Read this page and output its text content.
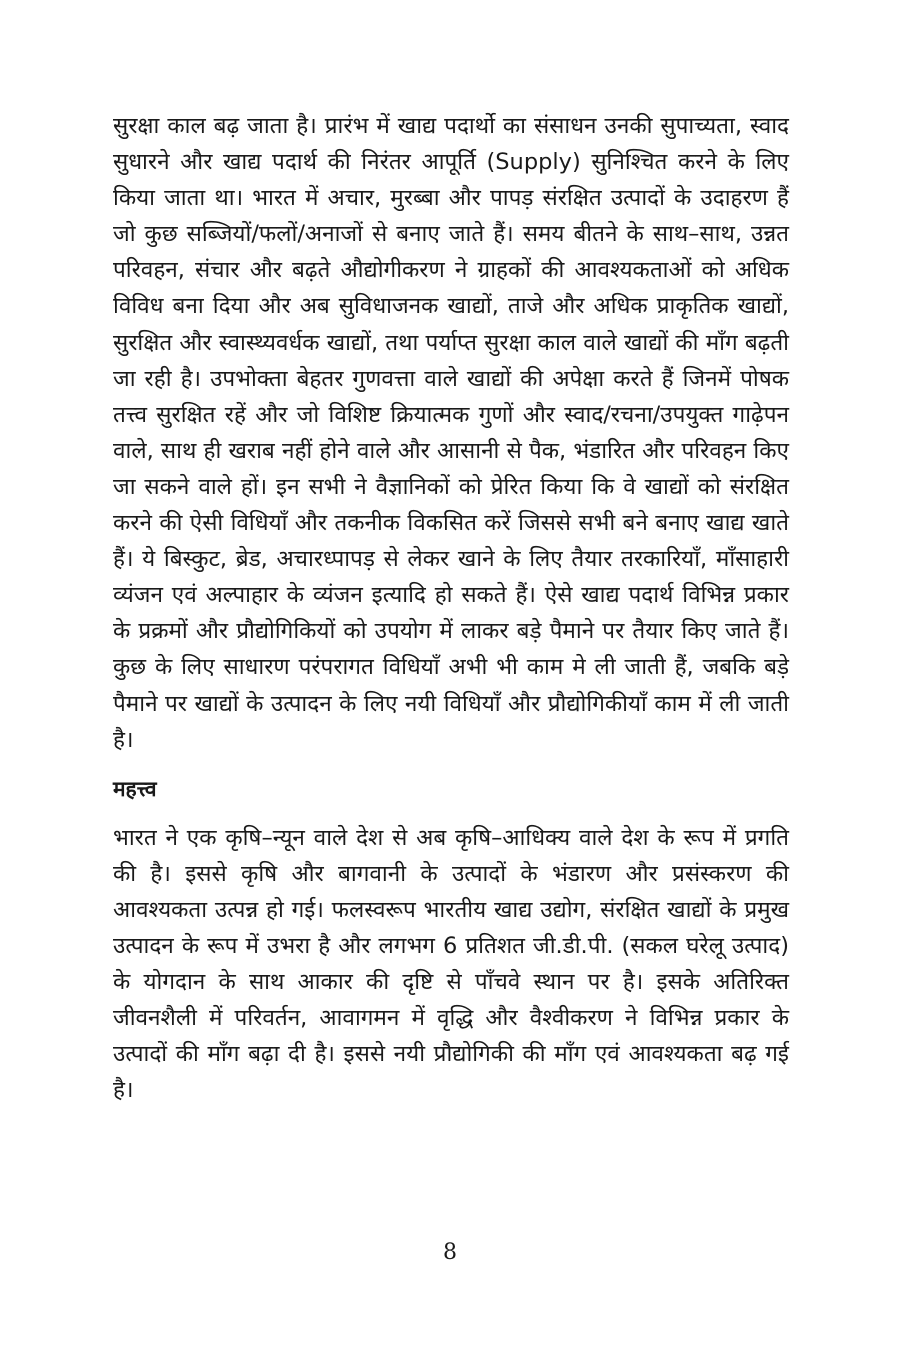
सुरक्षा काल बढ़ जाता है। प्रारंभ में खाद्य पदार्थो का संसाधन उनकी सुपाच्यता, स्वाद सुधारने और खाद्य पदार्थ की निरंतर आपूर्ति (Supply) सुनिश्चित करने के लिए किया जाता था। भारत में अचार, मुरब्बा और पापड़ संरक्षित उत्पादों के उदाहरण हैं जो कुछ सब्जियों/फलों/अनाजों से बनाए जाते हैं। समय बीतने के साथ–साथ, उन्नत परिवहन, संचार और बढ़ते औद्योगीकरण ने ग्राहकों की आवश्यकताओं को अधिक विविध बना दिया और अब सुविधाजनक खाद्यों, ताजे और अधिक प्राकृतिक खाद्यों, सुरक्षित और स्वास्थ्यवर्धक खाद्यों, तथा पर्याप्त सुरक्षा काल वाले खाद्यों की माँग बढ़ती जा रही है। उपभोक्ता बेहतर गुणवत्ता वाले खाद्यों की अपेक्षा करते हैं जिनमें पोषक तत्त्व सुरक्षित रहें और जो विशिष्ट क्रियात्मक गुणों और स्वाद/रचना/उपयुक्त गाढ़ेपन वाले, साथ ही खराब नहीं होने वाले और आसानी से पैक, भंडारित और परिवहन किए जा सकने वाले हों। इन सभी ने वैज्ञानिकों को प्रेरित किया कि वे खाद्यों को संरक्षित करने की ऐसी विधियाँ और तकनीक विकसित करें जिससे सभी बने बनाए खाद्य खाते हैं। ये बिस्कुट, ब्रेड, अचारध्पापड़ से लेकर खाने के लिए तैयार तरकारियाँ, माँसाहारी व्यंजन एवं अल्पाहार के व्यंजन इत्यादि हो सकते हैं। ऐसे खाद्य पदार्थ विभिन्न प्रकार के प्रक्रमों और प्रौद्योगिकियों को उपयोग में लाकर बड़े पैमाने पर तैयार किए जाते हैं। कुछ के लिए साधारण परंपरागत विधियाँ अभी भी काम मे ली जाती हैं, जबकि बड़े पैमाने पर खाद्यों के उत्पादन के लिए नयी विधियाँ और प्रौद्योगिकीयाँ काम में ली जाती है।

महत्त्व

भारत ने एक कृषि–न्यून वाले देश से अब कृषि–आधिक्य वाले देश के रूप में प्रगति की है। इससे कृषि और बागवानी के उत्पादों के भंडारण और प्रसंस्करण की आवश्यकता उत्पन्न हो गई। फलस्वरूप भारतीय खाद्य उद्योग, संरक्षित खाद्यों के प्रमुख उत्पादन के रूप में उभरा है और लगभग 6 प्रतिशत जी.डी.पी. (सकल घरेलू उत्पाद) के योगदान के साथ आकार की दृष्टि से पाँचवे स्थान पर है। इसके अतिरिक्त जीवनशैली में परिवर्तन, आवागमन में वृद्धि और वैश्वीकरण ने विभिन्न प्रकार के उत्पादों की माँग बढ़ा दी है। इससे नयी प्रौद्योगिकी की माँग एवं आवश्यकता बढ़ गई है।

8
